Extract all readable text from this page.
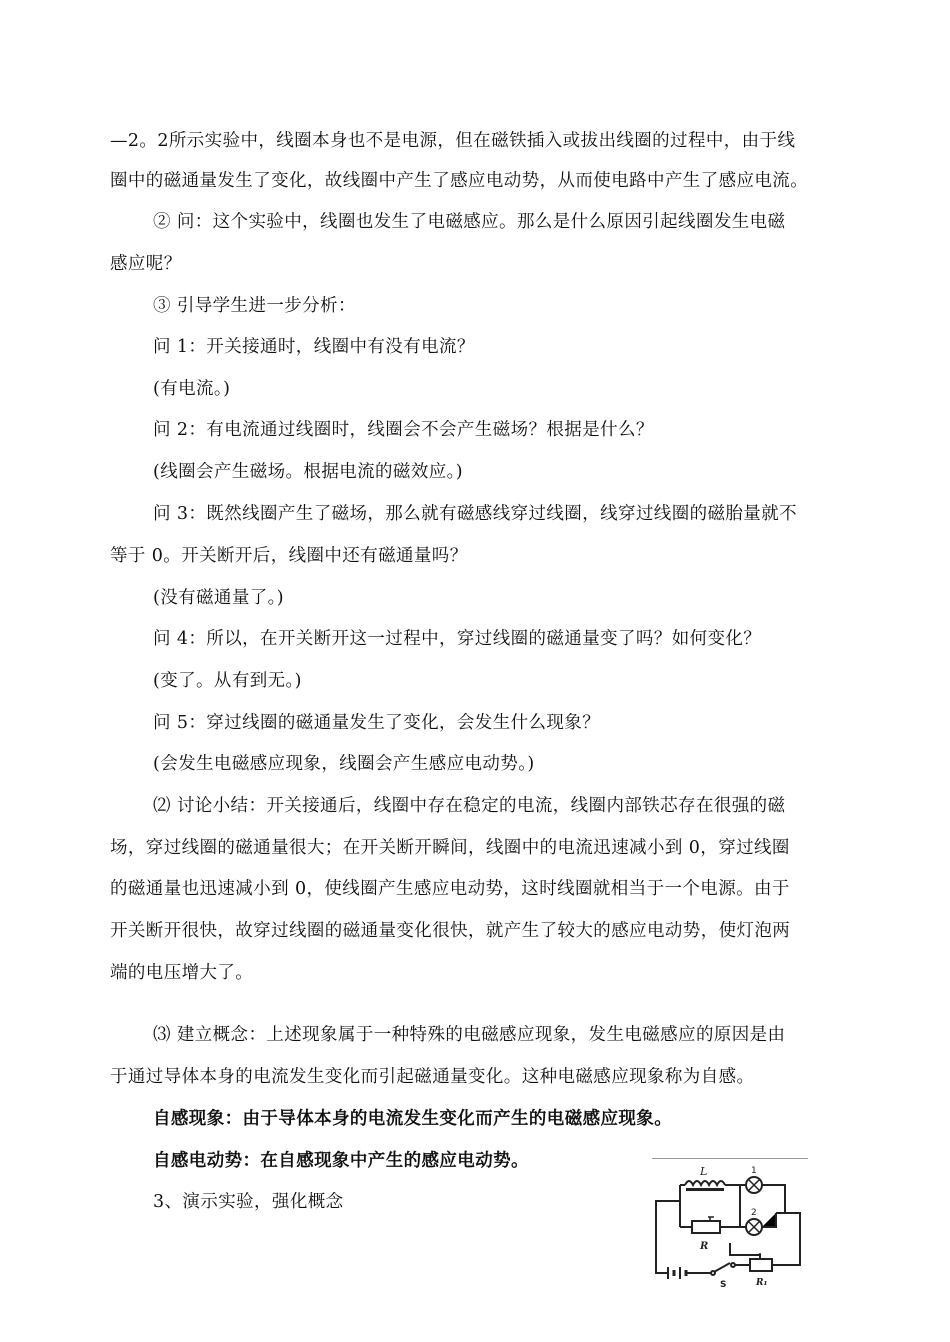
—2。2所示实验中，线圈本身也不是电源，但在磁铁插入或拔出线圈的过程中，由于线
圈中的磁通量发生了变化，故线圈中产生了感应电动势，从而使电路中产生了感应电流。
② 问：这个实验中，线圈也发生了电磁感应。那么是什么原因引起线圈发生电磁
感应呢？
③ 引导学生进一步分析：
问 1：开关接通时，线圈中有没有电流？
(有电流。)
问 2：有电流通过线圈时，线圈会不会产生磁场？根据是什么？
(线圈会产生磁场。根据电流的磁效应。)
问 3：既然线圈产生了磁场，那么就有磁感线穿过线圈，线穿过线圈的磁胎量就不
等于 0。开关断开后，线圈中还有磁通量吗？
(没有磁通量了。)
问 4：所以，在开关断开这一过程中，穿过线圈的磁通量变了吗？如何变化？
(变了。从有到无。)
问 5：穿过线圈的磁通量发生了变化，会发生什么现象？
(会发生电磁感应现象，线圈会产生感应电动势。)
⑵ 讨论小结：开关接通后，线圈中存在稳定的电流，线圈内部铁芯存在很强的磁
场，穿过线圈的磁通量很大；在开关断开瞬间，线圈中的电流迅速减小到 0，穿过线圈
的磁通量也迅速减小到 0，使线圈产生感应电动势，这时线圈就相当于一个电源。由于
开关断开很快，故穿过线圈的磁通量变化很快，就产生了较大的感应电动势，使灯泡两
端的电压增大了。
⑶ 建立概念：上述现象属于一种特殊的电磁感应现象，发生电磁感应的原因是由
于通过导体本身的电流发生变化而引起磁通量变化。这种电磁感应现象称为自感。
自感现象：由于导体本身的电流发生变化而产生的电磁感应现象。
自感电动势：在自感现象中产生的感应电动势。
3、演示实验，强化概念
L	1
R
2
S	R₁
